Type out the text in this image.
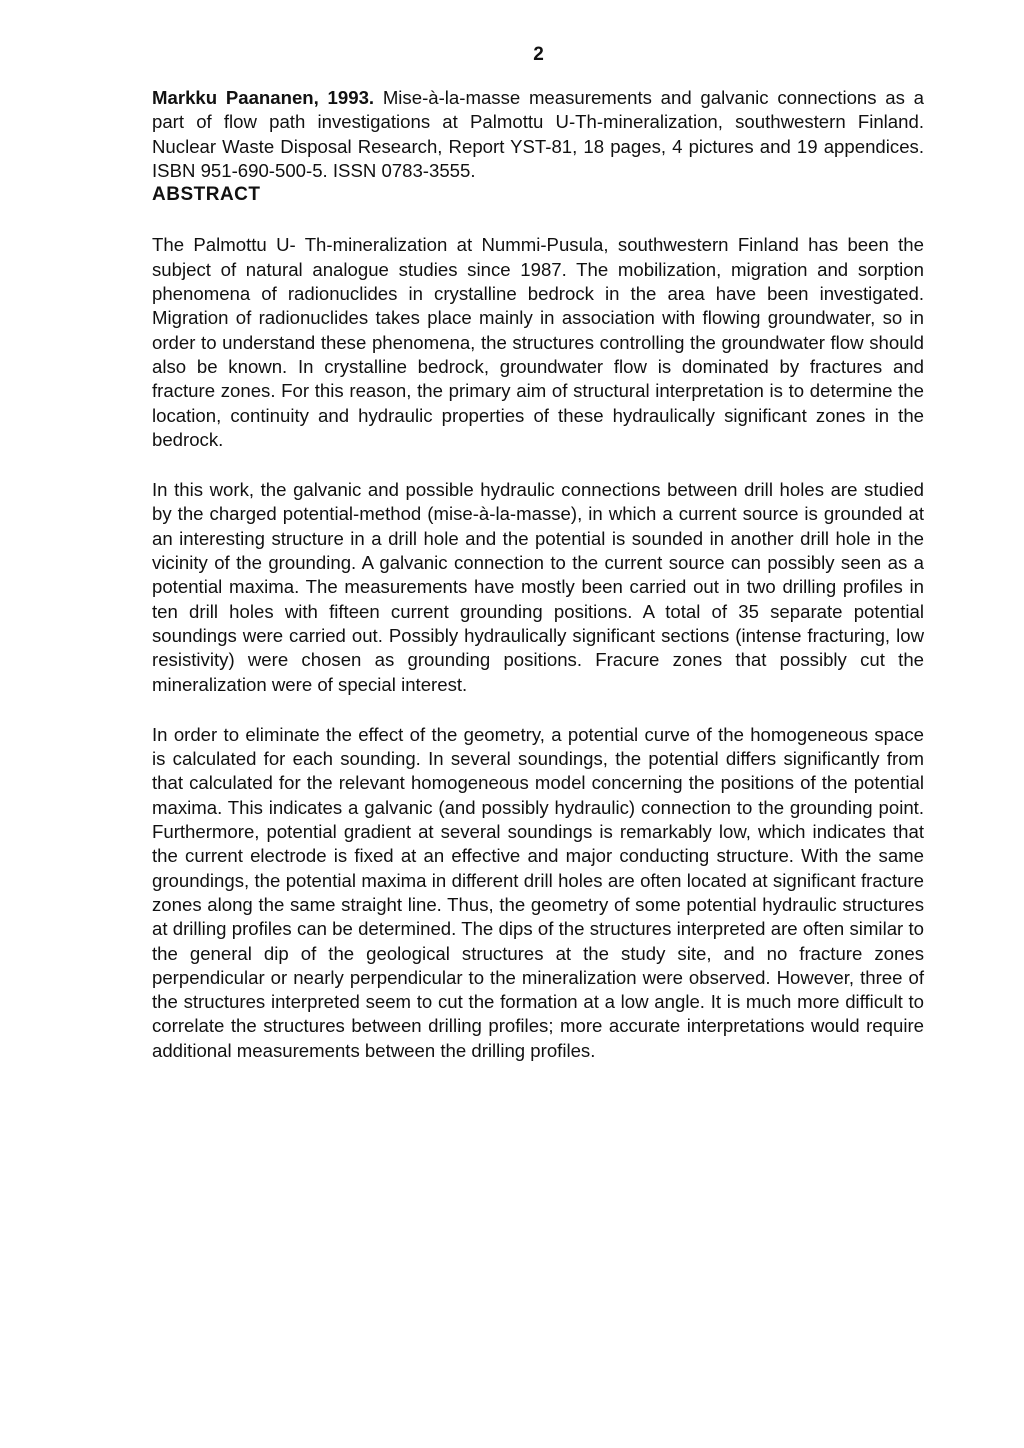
2

Markku Paananen, 1993. Mise-à-la-masse measurements and galvanic connections as a part of flow path investigations at Palmottu U-Th-mineralization, southwestern Finland. Nuclear Waste Disposal Research, Report YST-81, 18 pages, 4 pictures and 19 appendices. ISBN 951-690-500-5. ISSN 0783-3555.

ABSTRACT

The Palmottu U- Th-mineralization at Nummi-Pusula, southwestern Finland has been the subject of natural analogue studies since 1987. The mobilization, migration and sorption phenomena of radionuclides in crystalline bedrock in the area have been investigated. Migration of radionuclides takes place mainly in association with flowing groundwater, so in order to understand these phenomena, the structures controlling the groundwater flow should also be known. In crystalline bedrock, groundwater flow is dominated by fractures and fracture zones. For this reason, the primary aim of structural interpretation is to determine the location, continuity and hydraulic properties of these hydraulically significant zones in the bedrock.

In this work, the galvanic and possible hydraulic connections between drill holes are studied by the charged potential-method (mise-à-la-masse), in which a current source is grounded at an interesting structure in a drill hole and the potential is sounded in another drill hole in the vicinity of the grounding. A galvanic connection to the current source can possibly seen as a potential maxima. The measurements have mostly been carried out in two drilling profiles in ten drill holes with fifteen current grounding positions. A total of 35 separate potential soundings were carried out. Possibly hydraulically significant sections (intense fracturing, low resistivity) were chosen as grounding positions. Fracure zones that possibly cut the mineralization were of special interest.

In order to eliminate the effect of the geometry, a potential curve of the homogeneous space is calculated for each sounding. In several soundings, the potential differs significantly from that calculated for the relevant homogeneous model concerning the positions of the potential maxima. This indicates a galvanic (and possibly hydraulic) connection to the grounding point. Furthermore, potential gradient at several soundings is remarkably low, which indicates that the current electrode is fixed at an effective and major conducting structure. With the same groundings, the potential maxima in different drill holes are often located at significant fracture zones along the same straight line. Thus, the geometry of some potential hydraulic structures at drilling profiles can be determined. The dips of the structures interpreted are often similar to the general dip of the geological structures at the study site, and no fracture zones perpendicular or nearly perpendicular to the mineralization were observed. However, three of the structures interpreted seem to cut the formation at a low angle. It is much more difficult to correlate the structures between drilling profiles; more accurate interpretations would require additional measurements between the drilling profiles.
